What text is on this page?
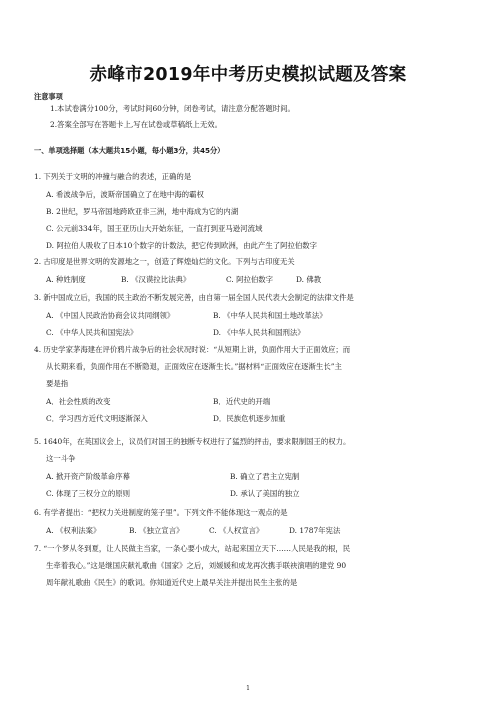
赤峰市2019年中考历史模拟试题及答案
注意事项
1.本试卷满分100分，考试时间60分钟，闭卷考试，请注意分配答题时间。
2.答案全部写在答题卡上,写在试卷或草稿纸上无效。
一、单项选择题（本大题共15小题，每小题3分，共45分）
1. 下列关于文明的冲撞与融合的表述，正确的是
A. 希波战争后，波斯帝国确立了在地中海的霸权
B. 2世纪，罗马帝国地跨欧亚非三洲，地中海成为它的内湖
C. 公元前334年，国王亚历山大开始东征，一直打到亚马逊河流域
D. 阿拉伯人吸收了日本10个数字的计数法，把它传到欧洲，由此产生了阿拉伯数字
2. 古印度是世界文明的发源地之一，创造了辉煌灿烂的文化。下列与古印度无关
A. 种姓制度	B. 《汉谟拉比法典》	C. 阿拉伯数字	D. 佛教
3. 新中国成立后，我国的民主政治不断发展完善，由自第一届全国人民代表大会制定的法律文件是
A. 《中国人民政治协商会议共同纲领》	B. 《中华人民共和国土地改革法》
C. 《中华人民共和国宪法》	D. 《中华人民共和国刑法》
4. 历史学家茅海建在评价鸦片战争后的社会状况时说：“从短期上讲，负面作用大于正面效应；而
从长期来看，负面作用在不断隐退，正面效应在逐渐生长。”据材料“正面效应在逐渐生长”主
要是指
A．社会性质的改变	B．近代史的开端
C．学习西方近代文明逐渐深入	D．民族危机逐步加重
5. 1640年，在英国议会上，议员们对国王的独断专权进行了猛烈的抨击，要求限制国王的权力。
这一斗争
A. 掀开资产阶级革命序幕	B. 确立了君主立宪制
C. 体现了三权分立的原则	D. 承认了美国的独立
6. 有学者提出：“把权力关进制度的笼子里”。下列文件不能体现这一观点的是
A. 《权利法案》	B. 《独立宣言》	C. 《人权宣言》	D. 1787年宪法
7. “一个梦从冬到夏，让人民做主当家，一条心要小成大，站起来国立天下……人民是我的根，民
生牵着我心。”这是继国庆献礼歌曲《国家》之后，刘媛媛和成龙再次携手联袂演唱的建党 90
周年献礼歌曲《民生》的歌词。你知道近代史上最早关注并提出民生主张的是
1
